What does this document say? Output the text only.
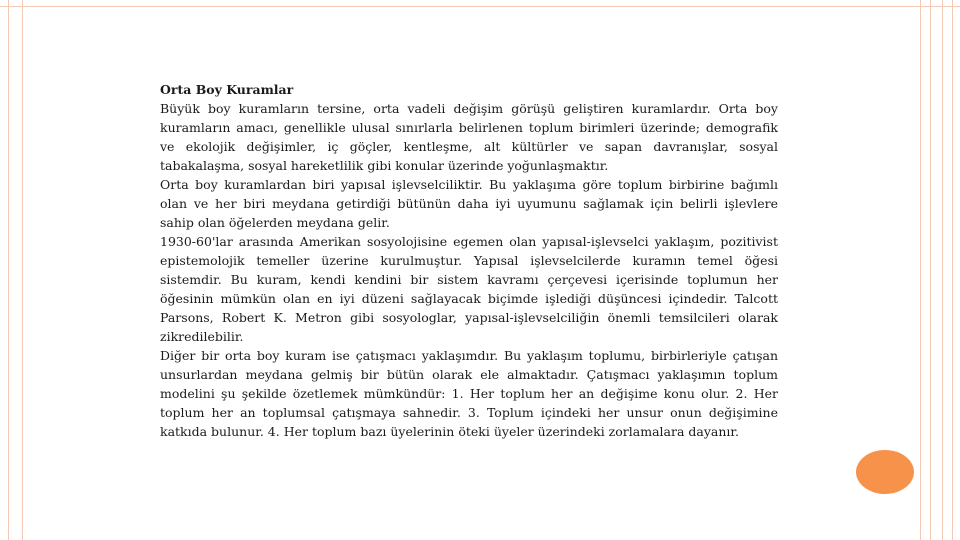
Orta Boy Kuramlar

Büyük boy kuramların tersine, orta vadeli değişim görüşü geliştiren kuramlardır. Orta boy kuramların amacı, genellikle ulusal sınırlarla belirlenen toplum birimleri üzerinde; demografik ve ekolojik değişimler, iç göçler, kentleşme, alt kültürler ve sapan davranışlar, sosyal tabakalaşma, sosyal hareketlilik gibi konular üzerinde yoğunlaşmaktır.

Orta boy kuramlardan biri yapısal işlevselciliktir. Bu yaklaşıma göre toplum birbirine bağımlı olan ve her biri meydana getirdiği bütünün daha iyi uyumunu sağlamak için belirli işlevlere sahip olan öğelerden meydana gelir.

1930-60'lar arasında Amerikan sosyolojisine egemen olan yapısal-işlevselci yaklaşım, pozitivist epistemolojik temeller üzerine kurulmuştur. Yapısal işlevselcilerde kuramın temel öğesi sistemdir. Bu kuram, kendi kendini bir sistem kavramı çerçevesi içerisinde toplumun her öğesinin mümkün olan en iyi düzeni sağlayacak biçimde işlediği düşüncesi içindedir. Talcott Parsons, Robert K. Metron gibi sosyologlar, yapısal-işlevselciliğin önemli temsilcileri olarak zikredilebilir.

Diğer bir orta boy kuram ise çatışmacı yaklaşımdır. Bu yaklaşım toplumu, birbirleriyle çatışan unsurlardan meydana gelmiş bir bütün olarak ele almaktadır. Çatışmacı yaklaşımın toplum modelini şu şekilde özetlemek mümkündür: 1. Her toplum her an değişime konu olur. 2. Her toplum her an toplumsal çatışmaya sahnedir. 3. Toplum içindeki her unsur onun değişimine katkıda bulunur. 4. Her toplum bazı üyelerinin öteki üyeler üzerindeki zorlamalara dayanır.
